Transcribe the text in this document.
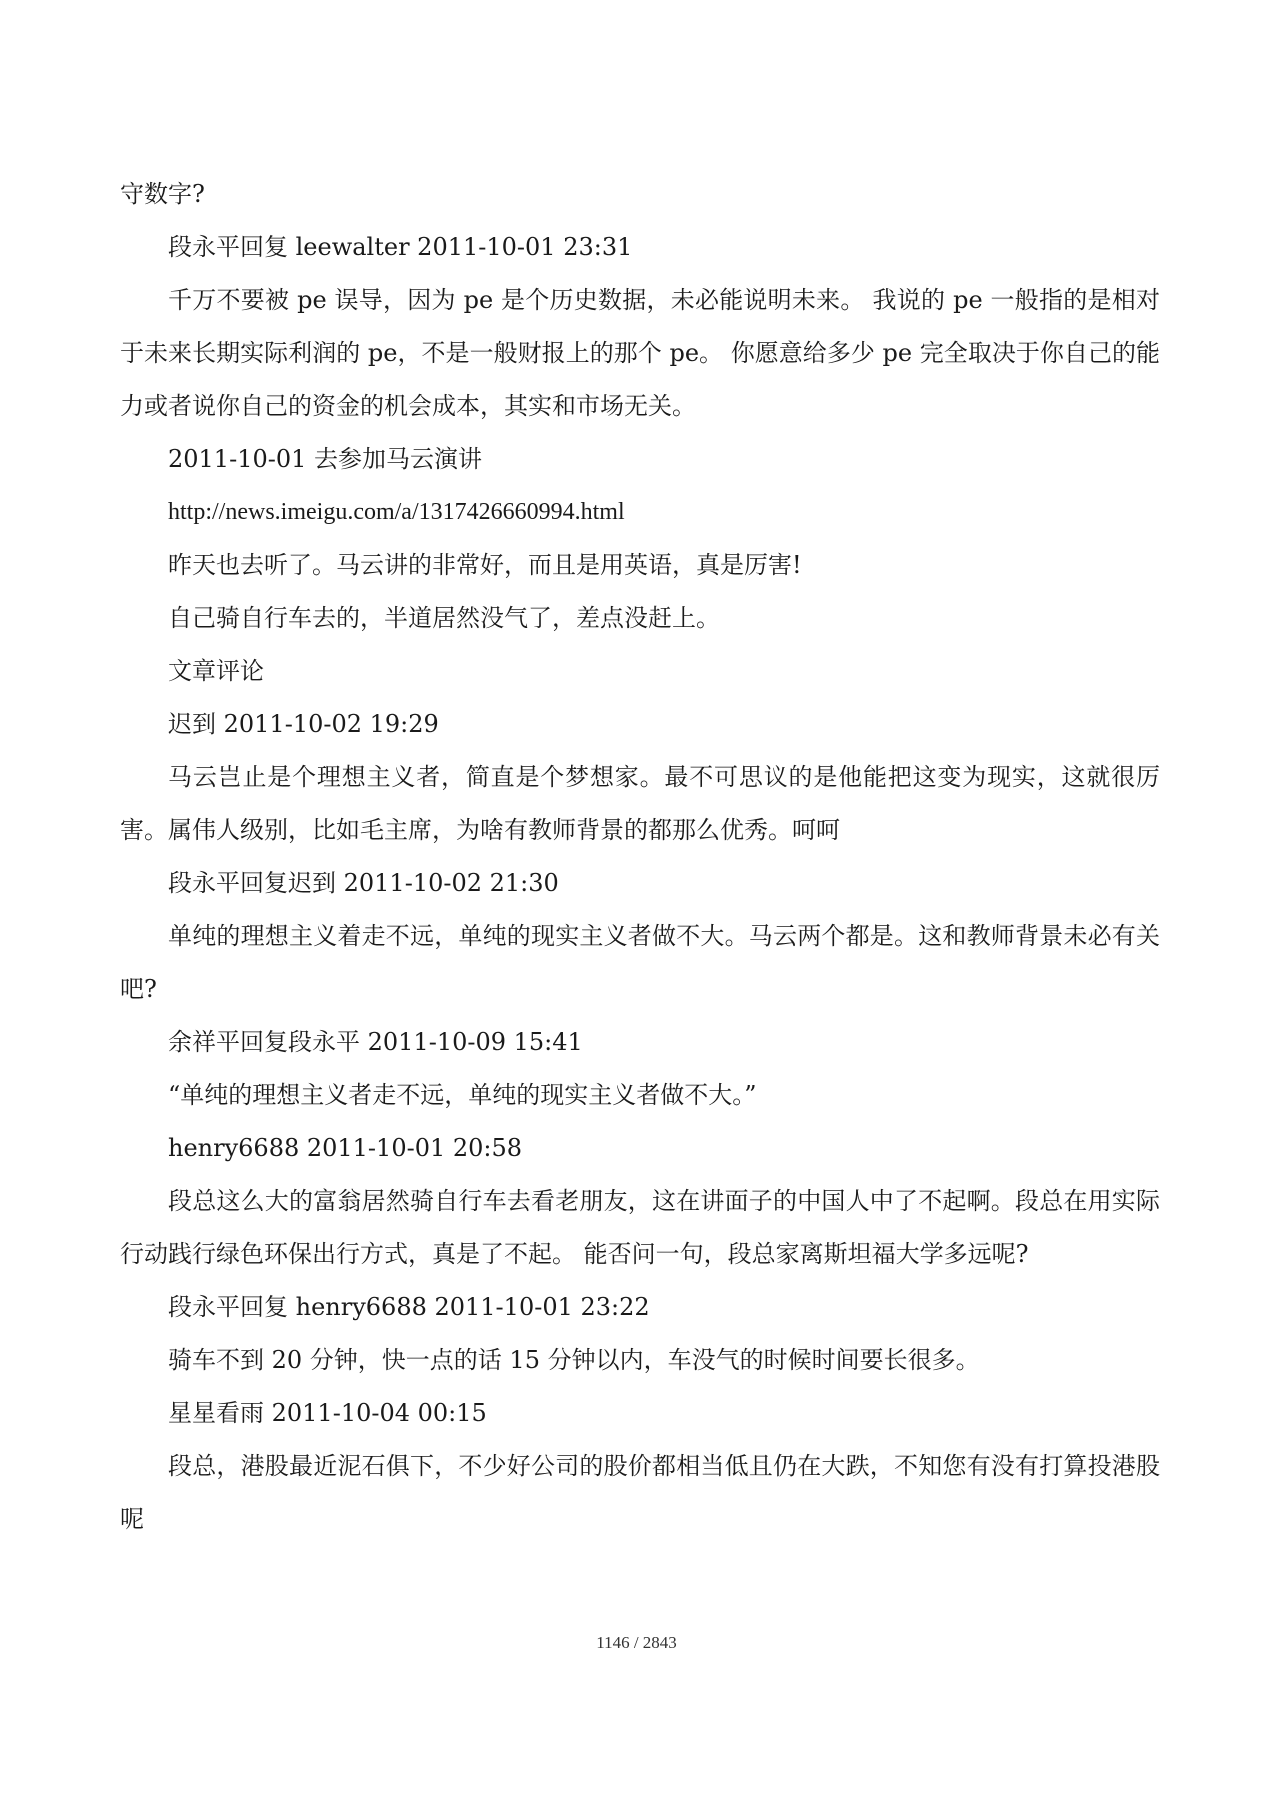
守数字?

段永平回复 leewalter 2011-10-01 23:31

千万不要被 pe 误导，因为 pe 是个历史数据，未必能说明未来。 我说的 pe 一般指的是相对于未来长期实际利润的 pe，不是一般财报上的那个 pe。 你愿意给多少 pe 完全取决于你自己的能力或者说你自己的资金的机会成本，其实和市场无关。

2011-10-01 去参加马云演讲

http://news.imeigu.com/a/1317426660994.html

昨天也去听了。马云讲的非常好，而且是用英语，真是厉害!

自己骑自行车去的，半道居然没气了，差点没赶上。

文章评论

迟到 2011-10-02 19:29

马云岂止是个理想主义者，简直是个梦想家。最不可思议的是他能把这变为现实，这就很厉害。属伟人级别，比如毛主席，为啥有教师背景的都那么优秀。呵呵

段永平回复迟到 2011-10-02 21:30

单纯的理想主义着走不远，单纯的现实主义者做不大。马云两个都是。这和教师背景未必有关吧?

余祥平回复段永平 2011-10-09 15:41

“单纯的理想主义者走不远，单纯的现实主义者做不大。”

henry6688 2011-10-01 20:58

段总这么大的富翁居然骑自行车去看老朋友，这在讲面子的中国人中了不起啊。段总在用实际行动践行绿色环保出行方式，真是了不起。 能否问一句，段总家离斯坦福大学多远呢?

段永平回复 henry6688 2011-10-01 23:22

骑车不到 20 分钟，快一点的话 15 分钟以内，车没气的时候时间要长很多。

星星看雨 2011-10-04 00:15

段总，港股最近泥石俱下，不少好公司的股价都相当低且仍在大跌，不知您有没有打算投港股呢

1146 / 2843
